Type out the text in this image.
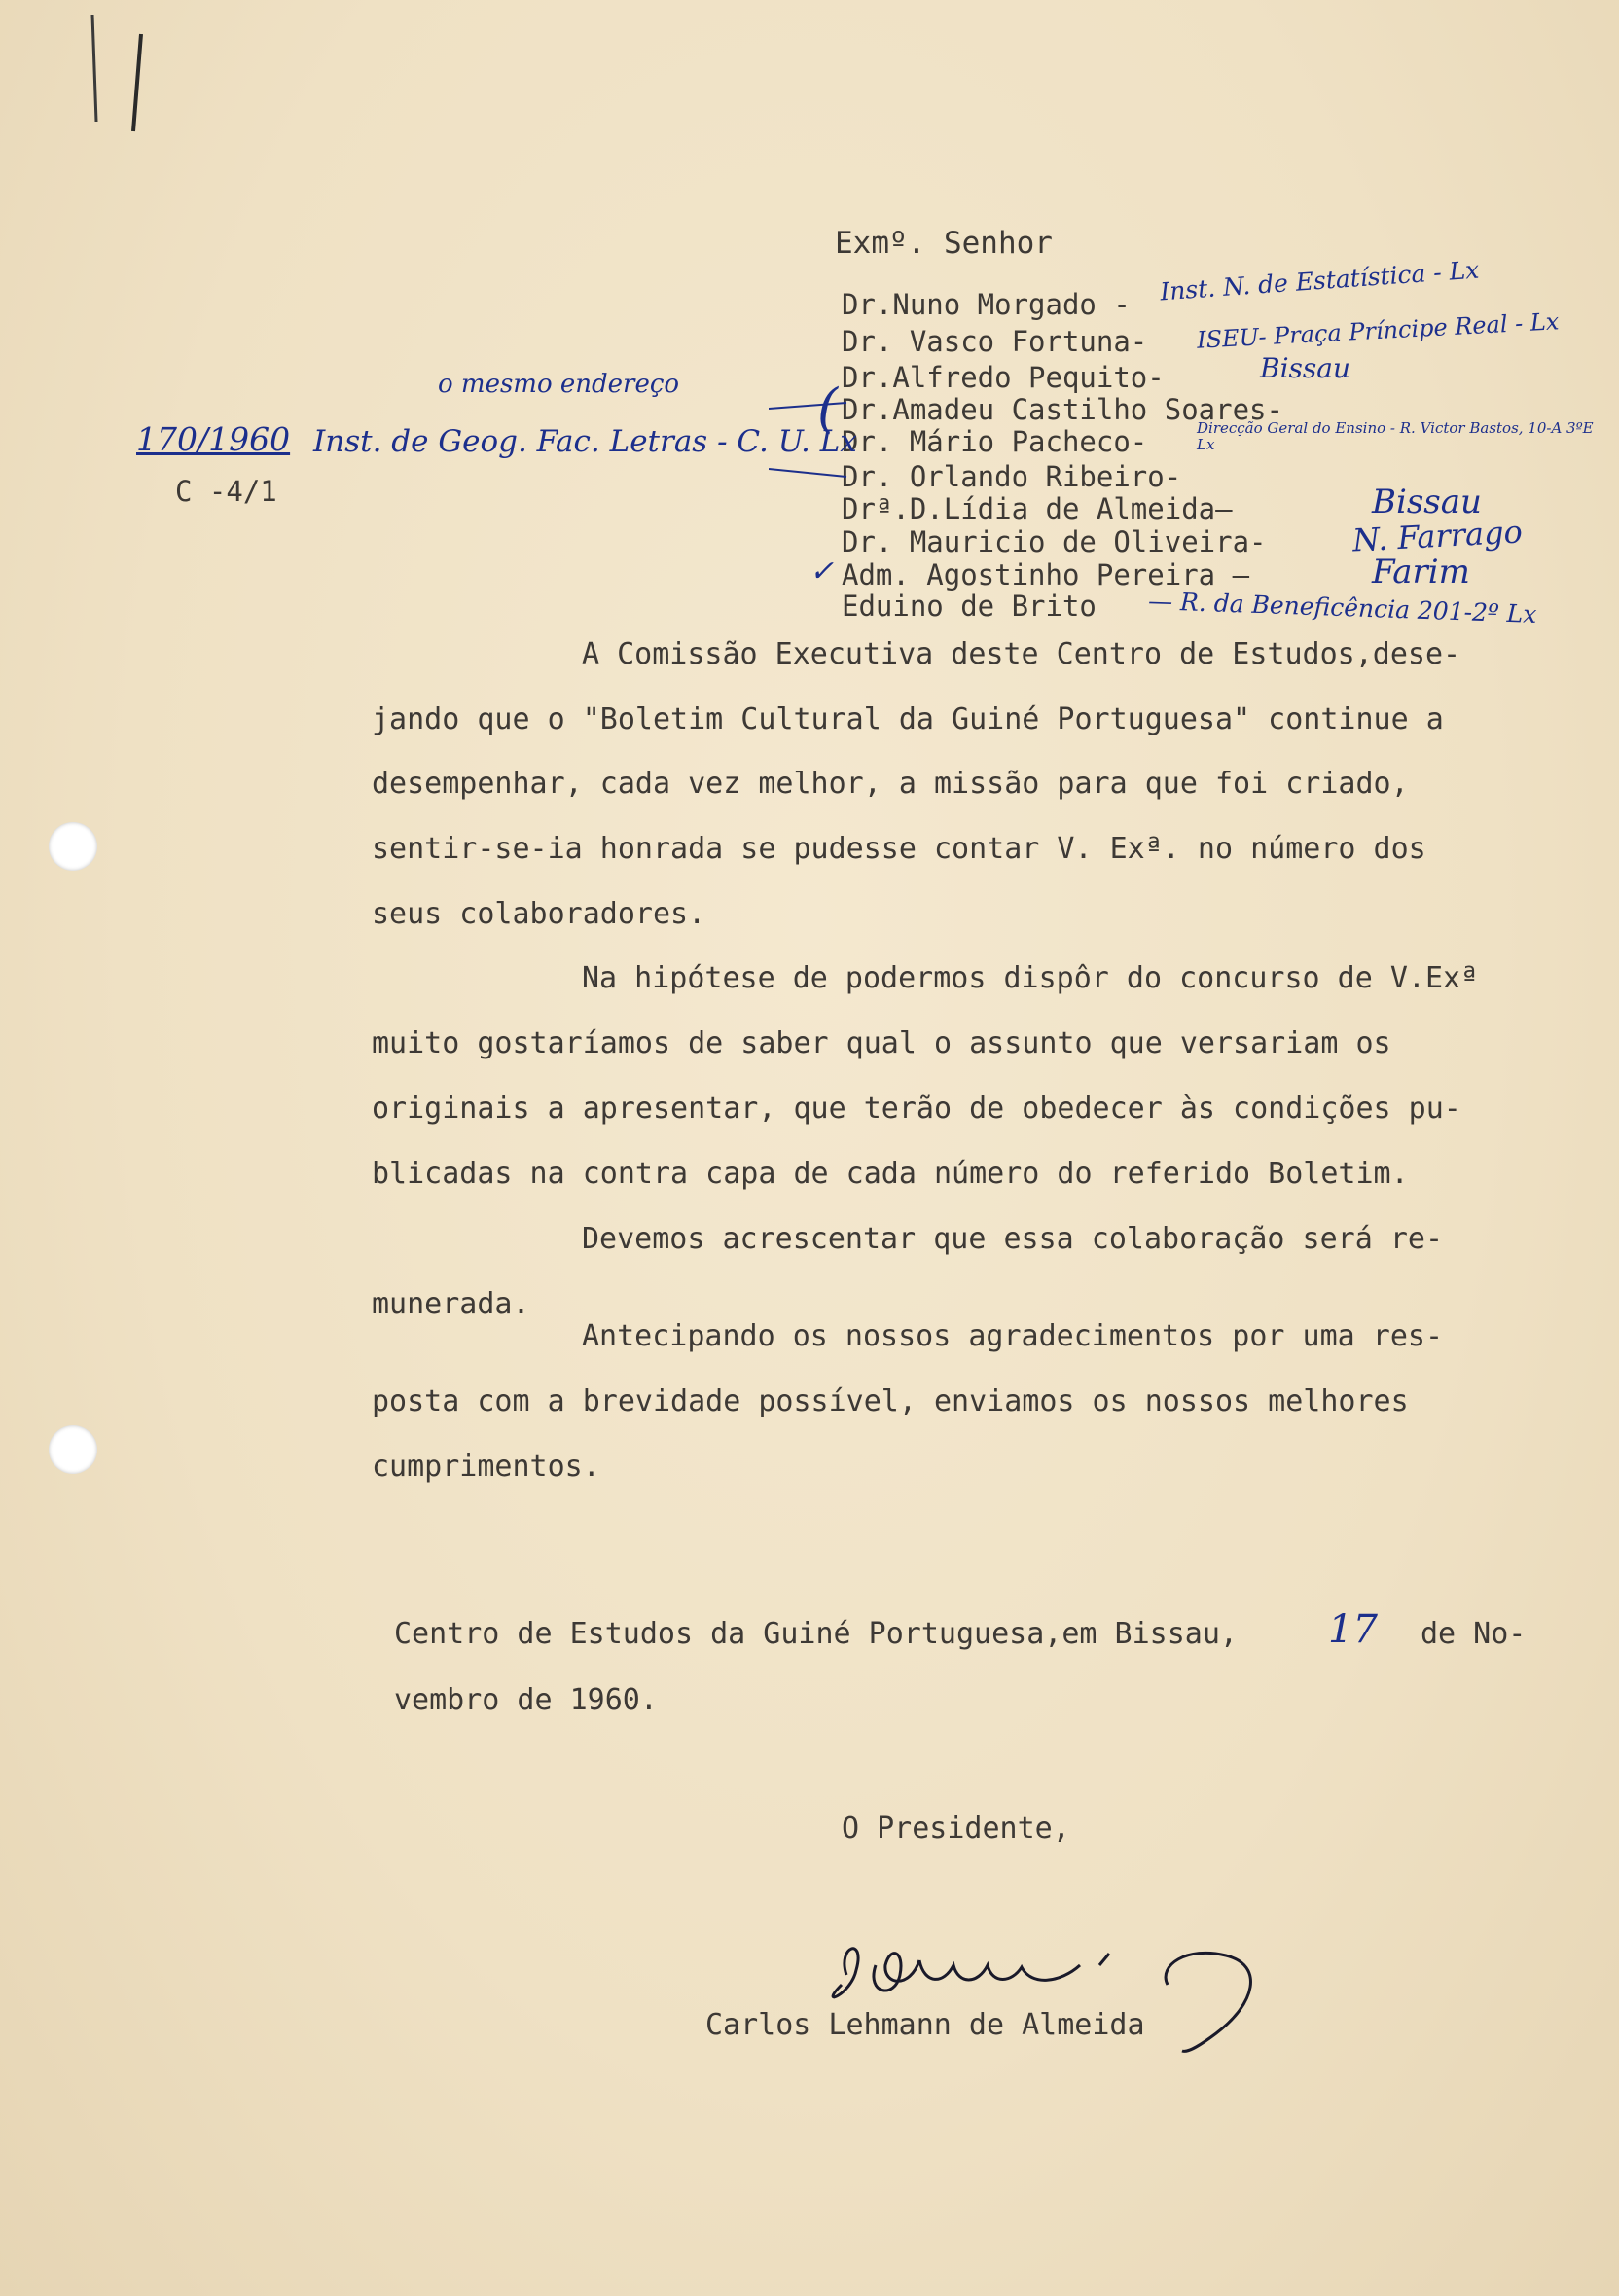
Exmº. Senhor
Dr.Nuno Morgado - Inst. N. de Estatística - Lx
Dr. Vasco Fortuna- ISEU- Praça Príncipe Real - Lx
Dr.Alfredo Pequito-	Bissau
Dr.Amadeu Castilho Soares-
Dr. Mário Pacheco-	Direcção Geral do Ensino - R. Victor Bastos, 10-A 3ºE Lx
Dr. Orlando Ribeiro-
Drª.D.Lídia de Almeida—	Bissau
Dr. Mauricio de Oliveira-	N. Farrago
✓ Adm. Agostinho Pereira —	Farim
Eduino de Brito — R. da Beneficência 201-2º Lx
o mesmo endereço
170/1960 Inst. de Geog. Fac. Letras - C. U. Lx
(
C -4/1
A Comissão Executiva deste Centro de Estudos,dese-
jando que o "Boletim Cultural da Guiné Portuguesa" continue a
desempenhar, cada vez melhor, a missão para que foi criado,
sentir-se-ia honrada se pudesse contar V. Exª. no número dos
seus colaboradores.
Na hipótese de podermos dispôr do concurso de V.Exª
muito gostaríamos de saber qual o assunto que versariam os
originais a apresentar, que terão de obedecer às condições pu-
blicadas na contra capa de cada número do referido Boletim.
Devemos acrescentar que essa colaboração será re-
munerada.
Antecipando os nossos agradecimentos por uma res-
posta com a brevidade possível, enviamos os nossos melhores
cumprimentos.
Centro de Estudos da Guiné Portuguesa,em Bissau, 17 de No-
vembro de 1960.
O Presidente,
Carlos Lehmann de Almeida
